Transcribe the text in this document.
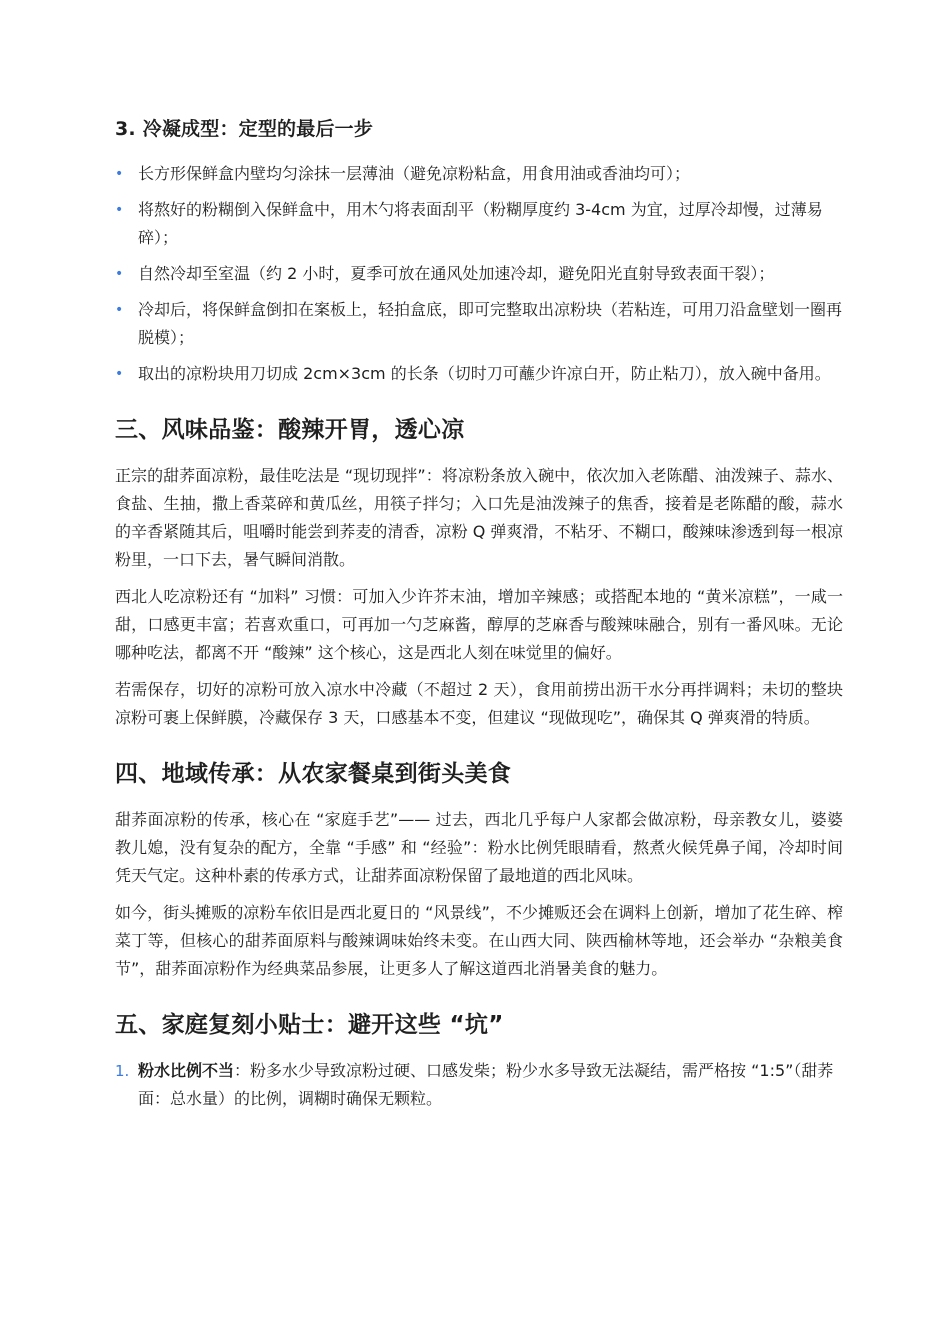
3. 冷凝成型：定型的最后一步
• 长方形保鲜盒内壁均匀涂抹一层薄油（避免凉粉粘盒，用食用油或香油均可）；
• 将熬好的粉糊倒入保鲜盒中，用木勺将表面刮平（粉糊厚度约 3-4cm 为宜，过厚冷却慢，过薄易碎）；
• 自然冷却至室温（约 2 小时，夏季可放在通风处加速冷却，避免阳光直射导致表面干裂）；
• 冷却后，将保鲜盒倒扣在案板上，轻拍盒底，即可完整取出凉粉块（若粘连，可用刀沿盒壁划一圈再脱模）；
• 取出的凉粉块用刀切成 2cm×3cm 的长条（切时刀可蘸少许凉白开，防止粘刀），放入碗中备用。
三、风味品鉴：酸辣开胃，透心凉

正宗的甜荞面凉粉，最佳吃法是 “现切现拌”：将凉粉条放入碗中，依次加入老陈醋、油泼辣子、蒜水、食盐、生抽，撒上香菜碎和黄瓜丝，用筷子拌匀；入口先是油泼辣子的焦香，接着是老陈醋的酸，蒜水的辛香紧随其后，咀嚼时能尝到荞麦的清香，凉粉 Q 弹爽滑，不粘牙、不糊口，酸辣味渗透到每一根凉粉里，一口下去，暑气瞬间消散。

西北人吃凉粉还有 “加料” 习惯：可加入少许芥末油，增加辛辣感；或搭配本地的 “黄米凉糕”，一咸一甜，口感更丰富；若喜欢重口，可再加一勺芝麻酱，醇厚的芝麻香与酸辣味融合，别有一番风味。无论哪种吃法，都离不开 “酸辣” 这个核心，这是西北人刻在味觉里的偏好。

若需保存，切好的凉粉可放入凉水中冷藏（不超过 2 天），食用前捞出沥干水分再拌调料；未切的整块凉粉可裹上保鲜膜，冷藏保存 3 天，口感基本不变，但建议 “现做现吃”，确保其 Q 弹爽滑的特质。

四、地域传承：从农家餐桌到街头美食

甜荞面凉粉的传承，核心在 “家庭手艺”—— 过去，西北几乎每户人家都会做凉粉，母亲教女儿，婆婆教儿媳，没有复杂的配方，全靠 “手感” 和 “经验”：粉水比例凭眼睛看，熬煮火候凭鼻子闻，冷却时间凭天气定。这种朴素的传承方式，让甜荞面凉粉保留了最地道的西北风味。

如今，街头摊贩的凉粉车依旧是西北夏日的 “风景线”，不少摊贩还会在调料上创新，增加了花生碎、榨菜丁等，但核心的甜荞面原料与酸辣调味始终未变。在山西大同、陕西榆林等地，还会举办 “杂粮美食节”，甜荞面凉粉作为经典菜品参展，让更多人了解这道西北消暑美食的魅力。

五、家庭复刻小贴士：避开这些 “坑”
1. 粉水比例不当：粉多水少导致凉粉过硬、口感发柴；粉少水多导致无法凝结，需严格按 “1:5”（甜荞面：总水量）的比例，调糊时确保无颗粒。
